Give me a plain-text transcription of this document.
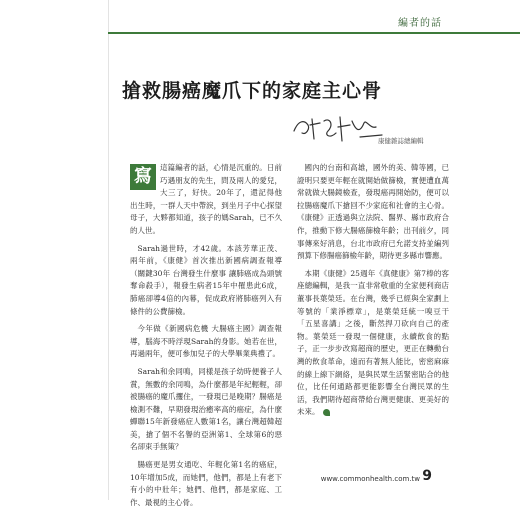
編者的話
搶救腸癌魔爪下的家庭主心骨
康健雜誌總編輯

寫	這篇編者的話，心情是沉重的。日前巧遇朋友的先生，問及兩人的愛兒，大三了，好快。20年了，還記得他出生時，一群人天中帶淚，到坐月子中心探望母子，大夥都知道，孩子的媽Sarah，已不久的人世。

Sarah過世時，才42歲。本該芳華正茂、兩年前，《康健》首次推出新國病調查報導（關鍵30年 台灣發生什麼事 讓肺癌成為頭號奪命殺手），報發生病者15年中罹患此6成，肺癌卻導4倍的內幕，促成政府將肺癌列入有條件的公費篩檢。

今年做《新國病危機 大腸癌主國》調查報導，腦海不時浮現Sarah的身影。她若在世，再過兩年，便可參加兒子的大學畢業典禮了。

Sarah和余同鳴，同樣是孩子幼時便養子人賞，無數的余同鳴，為什麼都是年紀輕輕，卻被腸癌的魔爪攫住，一發現已是晚期？腸癌是檢測不難，早期發現治癒率高的癌症，為什麼蟬聯15年新發癌症人數第1名，讓台灣超韓超美，搶了個不名譽的亞洲第1、全球第6的惡名卻束手無策？

腸癌更是男女通吃、年輕化第1名的癌症，10年增加5成，而她們，他們，都是上有老下有小的中壯年；她們、他們，都是家庭、工作、最視的主心骨。

國內的台南和高雄，國外的美、韓等國，已證明只要更年輕在就開始做篩檢，實便遭血萬常就做大腸鏡檢查，發現癌再開始防，便可以拉腸癌魔爪下搶回不少家庭和社會的主心骨。《康健》正透過與立法院、醫界、縣市政府合作，推動下修大腸癌篩檢年齡；出刊前夕，同事傳來好消息，台北市政府已允諾支持並編列預算下修腸癌篩檢年齡，期待更多縣市響應。

本期《康健》25週年《真健康》第7棒的客座總編輯，是我一直非常敬重的全家便利商店董事長葉榮廷。在台灣，幾乎已經與全家劃上等號的「業淨標章」，是葉榮廷統一嗅豆干「五星喜講」之後，斷然捍刀砍向自己的產物。葉榮廷一發現一個健康，永續飲食的點子，正一步步改寫超商的歷史，更正在轉動台灣的飲食革命，遠而有著無人能比，密密麻麻的線上線下網絡，是與民眾生活緊密貼合的他位，比任何通路都更能影響全台灣民眾的生活，我們期待超商帶給台灣更健康、更美好的未來。

www.commonhealth.com.tw 9
